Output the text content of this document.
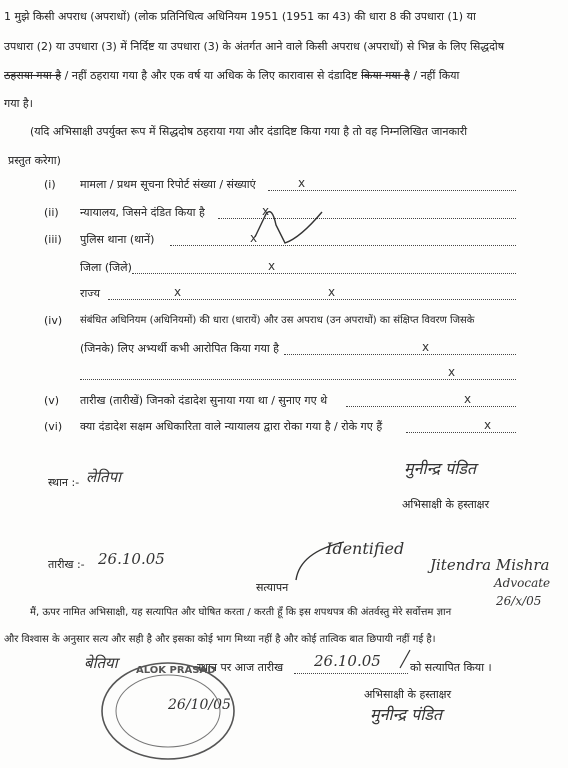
1 मुझे किसी अपराध (अपराधों) (लोक प्रतिनिधित्व अधिनियम 1951 (1951 का 43) की धारा 8 की उपधारा (1) या
उपधारा (2) या उपधारा (3) में निर्दिष्ट या उपधारा (3) के अंतर्गत आने वाले किसी अपराध (अपराधों) से भिन्न के लिए सिद्धदोष
ठहराया गया है / नहीं ठहराया गया है और एक वर्ष या अधिक के लिए कारावास से दंडादिष्ट किया गया है / नहीं किया
गया है।
(यदि अभिसाक्षी उपर्युक्त रूप में सिद्धदोष ठहराया गया और दंडादिष्ट किया गया है तो वह निम्नलिखित जानकारी
प्रस्तुत करेगा)
(i) मामला / प्रथम सूचना रिपोर्ट संख्या / संख्याएं	x
(ii) न्यायालय, जिसने दंडित किया है	x
(iii) पुलिस थाना (थानें)	x
जिला (जिले)	x
राज्य	x	x
(iv) संबंधित अधिनियम (अधिनियमों) की धारा (धारायें) और उस अपराध (उन अपराधों) का संक्षिप्त विवरण जिसके
(जिनके) लिए अभ्यर्थी कभी आरोपित किया गया है	x
x
(v) तारीख (तारीखें) जिनको दंडादेश सुनाया गया था / सुनाए गए थे	x
(vi) क्या दंडादेश सक्षम अधिकारिता वाले न्यायालय द्वारा रोका गया है / रोके गए हैं	x
स्थान :- लेतिपा	मुनीन्द्र पंडित
अभिसाक्षी के हस्ताक्षर
तारीख :- 26.10.05
Identified
Jitendra Mishra
Advocate
26/x/05
सत्यापन
मैं, ऊपर नामित अभिसाक्षी, यह सत्यापित और घोषित करता / करती हूँ कि इस शपथपत्र की अंतर्वस्तु मेरे सर्वोत्तम ज्ञान
और विश्वास के अनुसार सत्य और सही है और इसका कोई भाग मिथ्या नहीं है और कोई तात्विक बात छिपायी नहीं गई है।
बेतिया	स्थान पर आज तारीख 26.10.05	को सत्यापित किया ।
अभिसाक्षी के हस्ताक्षर
मुनीन्द्र पंडित
ALOK PRASAD
26/10/05
